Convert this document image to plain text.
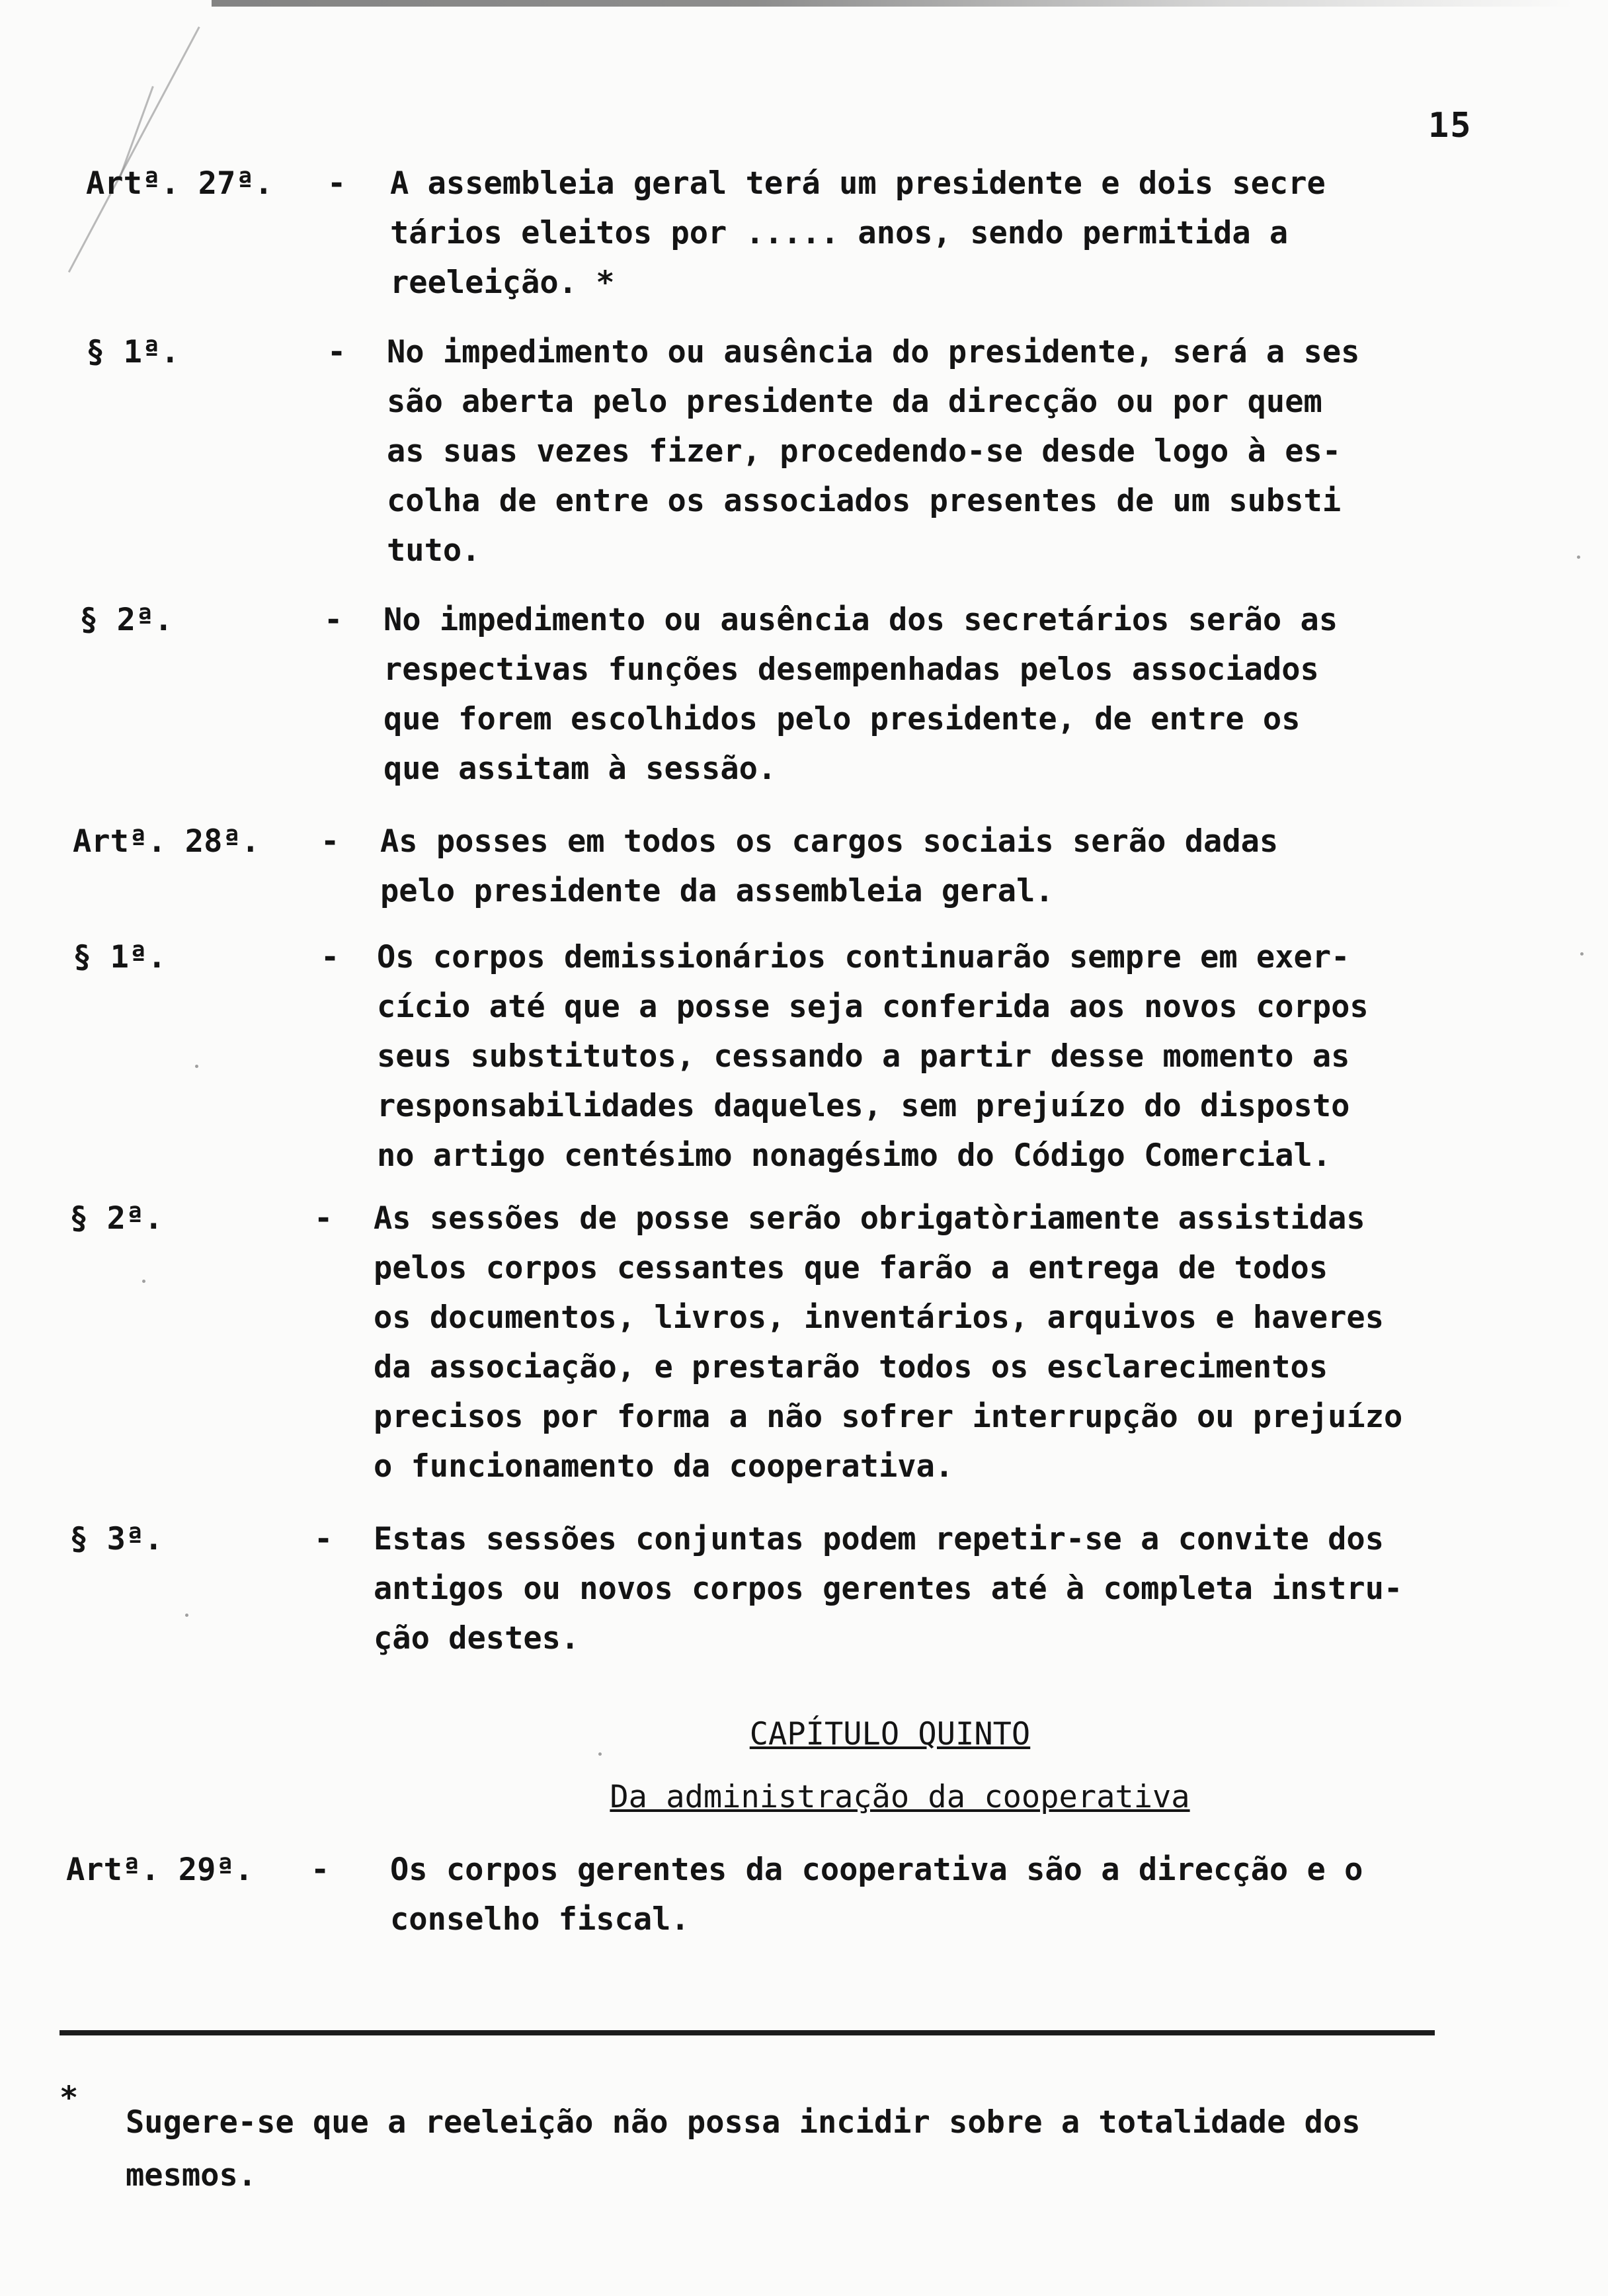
15
Artª. 27ª. - A assembleia geral terá um presidente e dois secre
tários eleitos por ..... anos, sendo permitida a
reeleição. *
§ 1ª.	- No impedimento ou ausência do presidente, será a ses
são aberta pelo presidente da direcção ou por quem
as suas vezes fizer, procedendo-se desde logo à es-
colha de entre os associados presentes de um substi
tuto.
§ 2ª.	- No impedimento ou ausência dos secretários serão as
respectivas funções desempenhadas pelos associados
que forem escolhidos pelo presidente, de entre os
que assitam à sessão.
Artª. 28ª. - As posses em todos os cargos sociais serão dadas
pelo presidente da assembleia geral.
§ 1ª.	- Os corpos demissionários continuarão sempre em exer-
cício até que a posse seja conferida aos novos corpos
seus substitutos, cessando a partir desse momento as
responsabilidades daqueles, sem prejuízo do disposto
no artigo centésimo nonagésimo do Código Comercial.
§ 2ª.	- As sessões de posse serão obrigatòriamente assistidas
pelos corpos cessantes que farão a entrega de todos
os documentos, livros, inventários, arquivos e haveres
da associação, e prestarão todos os esclarecimentos
precisos por forma a não sofrer interrupção ou prejuízo
o funcionamento da cooperativa.
§ 3ª.	- Estas sessões conjuntas podem repetir-se a convite dos
antigos ou novos corpos gerentes até à completa instru-
ção destes.
CAPÍTULO QUINTO
Da administração da cooperativa
Artª. 29ª. - Os corpos gerentes da cooperativa são a direcção e o
conselho fiscal.
*
Sugere-se que a reeleição não possa incidir sobre a totalidade dos
mesmos.
